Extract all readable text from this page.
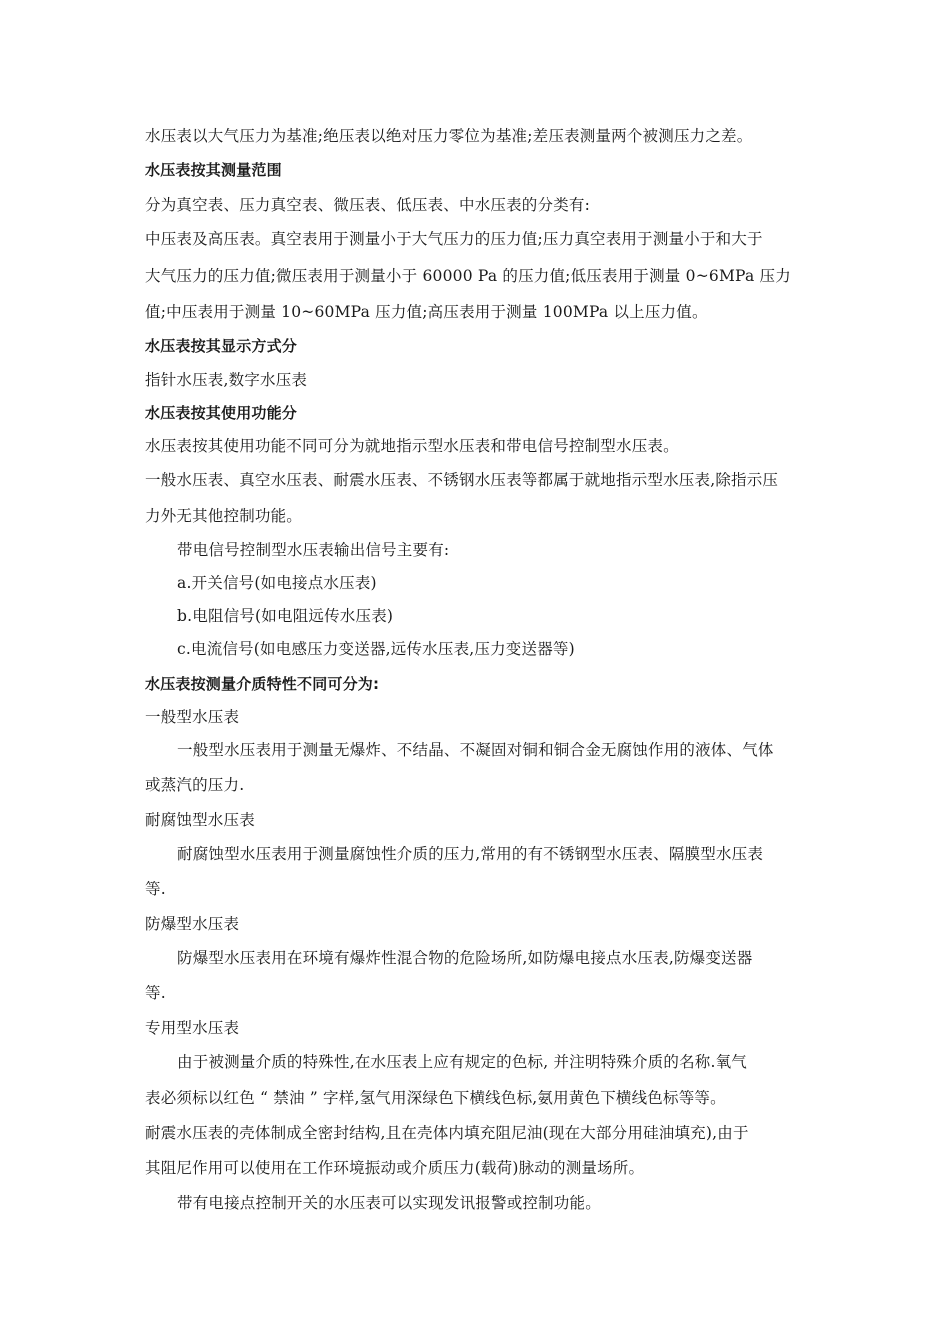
水压表以大气压力为基准;绝压表以绝对压力零位为基准;差压表测量两个被测压力之差。
水压表按其测量范围
分为真空表、压力真空表、微压表、低压表、中水压表的分类有:
中压表及高压表。真空表用于测量小于大气压力的压力值;压力真空表用于测量小于和大于
大气压力的压力值;微压表用于测量小于 60000 Pa 的压力值;低压表用于测量 0~6MPa 压力
值;中压表用于测量 10~60MPa 压力值;高压表用于测量 100MPa 以上压力值。
水压表按其显示方式分
指针水压表,数字水压表
水压表按其使用功能分
水压表按其使用功能不同可分为就地指示型水压表和带电信号控制型水压表。
一般水压表、真空水压表、耐震水压表、不锈钢水压表等都属于就地指示型水压表,除指示压
力外无其他控制功能。
带电信号控制型水压表输出信号主要有:
a.开关信号(如电接点水压表)
b.电阻信号(如电阻远传水压表)
c.电流信号(如电感压力变送器,远传水压表,压力变送器等)
水压表按测量介质特性不同可分为:
一般型水压表
一般型水压表用于测量无爆炸、不结晶、不凝固对铜和铜合金无腐蚀作用的液体、气体
或蒸汽的压力.
耐腐蚀型水压表
耐腐蚀型水压表用于测量腐蚀性介质的压力,常用的有不锈钢型水压表、隔膜型水压表
等.
防爆型水压表
防爆型水压表用在环境有爆炸性混合物的危险场所,如防爆电接点水压表,防爆变送器
等.
专用型水压表
由于被测量介质的特殊性,在水压表上应有规定的色标, 并注明特殊介质的名称.氧气
表必须标以红色 “ 禁油 ” 字样,氢气用深绿色下横线色标,氨用黄色下横线色标等等。
耐震水压表的壳体制成全密封结构,且在壳体内填充阻尼油(现在大部分用硅油填充),由于
其阻尼作用可以使用在工作环境振动或介质压力(载荷)脉动的测量场所。
带有电接点控制开关的水压表可以实现发讯报警或控制功能。
